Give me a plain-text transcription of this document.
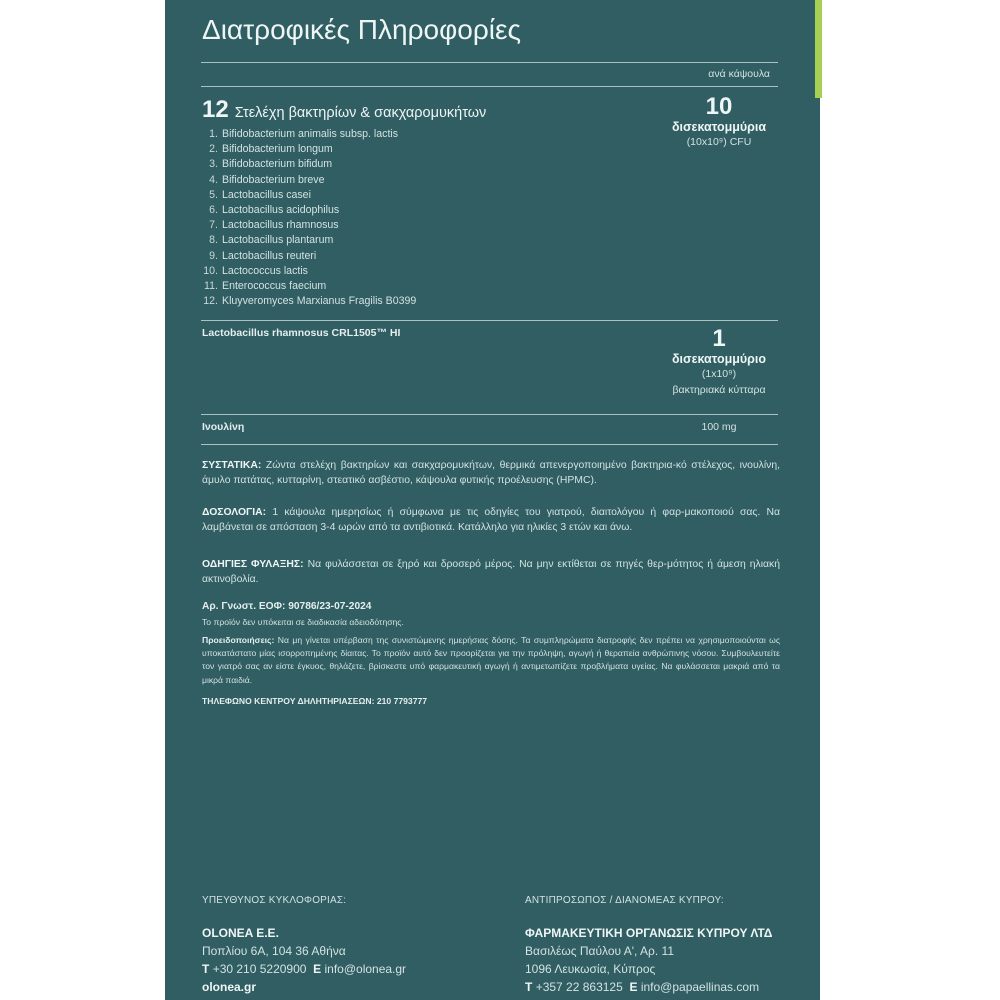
Διατροφικές Πληροφορίες
ανά κάψουλα
12 Στελέχη βακτηρίων & σακχαρομυκήτων
1. Bifidobacterium animalis subsp. lactis
2. Bifidobacterium longum
3. Bifidobacterium bifidum
4. Bifidobacterium breve
5. Lactobacillus casei
6. Lactobacillus acidophilus
7. Lactobacillus rhamnosus
8. Lactobacillus plantarum
9. Lactobacillus reuteri
10. Lactococcus lactis
11. Enterococcus faecium
12. Kluyveromyces Marxianus Fragilis B0399
10
δισεκατομμύρια
(10x10⁹) CFU
Lactobacillus rhamnosus CRL1505™ HI	1
δισεκατομμύριο
(1x10⁹)
βακτηριακά κύτταρα
Ινουλίνη	100 mg
ΣΥΣΤΑΤΙΚΑ: Ζώντα στελέχη βακτηρίων και σακχαρομυκήτων, θερμικά απενεργοποιημένο βακτηρια-κό στέλεχος, ινουλίνη, άμυλο πατάτας, κυτταρίνη, στεατικό ασβέστιο, κάψουλα φυτικής προέλευσης (HPMC).
ΔΟΣΟΛΟΓΙΑ: 1 κάψουλα ημερησίως ή σύμφωνα με τις οδηγίες του γιατρού, διαιτολόγου ή φαρ-μακοποιού σας. Να λαμβάνεται σε απόσταση 3-4 ωρών από τα αντιβιοτικά. Κατάλληλο για ηλικίες 3 ετών και άνω.
ΟΔΗΓΙΕΣ ΦΥΛΑΞΗΣ: Να φυλάσσεται σε ξηρό και δροσερό μέρος. Να μην εκτίθεται σε πηγές θερ-μότητος ή άμεση ηλιακή ακτινοβολία.
Αρ. Γνωστ. ΕΟΦ: 90786/23-07-2024
Το προϊόν δεν υπόκειται σε διαδικασία αδειοδότησης.
Προειδοποιήσεις: Να μη γίνεται υπέρβαση της συνιστώμενης ημερήσιας δόσης. Τα συμπληρώματα διατροφής δεν πρέπει να χρησιμοποιούνται ως υποκατάστατο μίας ισορροπημένης δίαιτας. Το προϊόν αυτό δεν προορίζεται για την πρόληψη, αγωγή ή θεραπεία ανθρώπινης νόσου. Συμβουλευτείτε τον γιατρό σας αν είστε έγκυος, θηλάζετε, βρίσκεστε υπό φαρμακευτική αγωγή ή αντιμετωπίζετε προβλήματα υγείας. Να φυλάσσεται μακριά από τα μικρά παιδιά.
ΤΗΛΕΦΩΝΟ ΚΕΝΤΡΟΥ ΔΗΛΗΤΗΡΙΑΣΕΩΝ: 210 7793777
ΥΠΕΥΘΥΝΟΣ ΚΥΚΛΟΦΟΡΙΑΣ:
OLONEA E.E.
Ποπλίου 6Α, 104 36 Αθήνα
Τ +30 210 5220900 E info@olonea.gr
olonea.gr
ΑΝΤΙΠΡΟΣΩΠΟΣ / ΔΙΑΝΟΜΕΑΣ ΚΥΠΡΟΥ:
ΦΑΡΜΑΚΕΥΤΙΚΗ ΟΡΓΑΝΩΣΙΣ ΚΥΠΡΟΥ ΛΤΔ
Βασιλέως Παύλου Α', Αρ. 11
1096 Λευκωσία, Κύπρος
Τ +357 22 863125 E info@papaellinas.com
